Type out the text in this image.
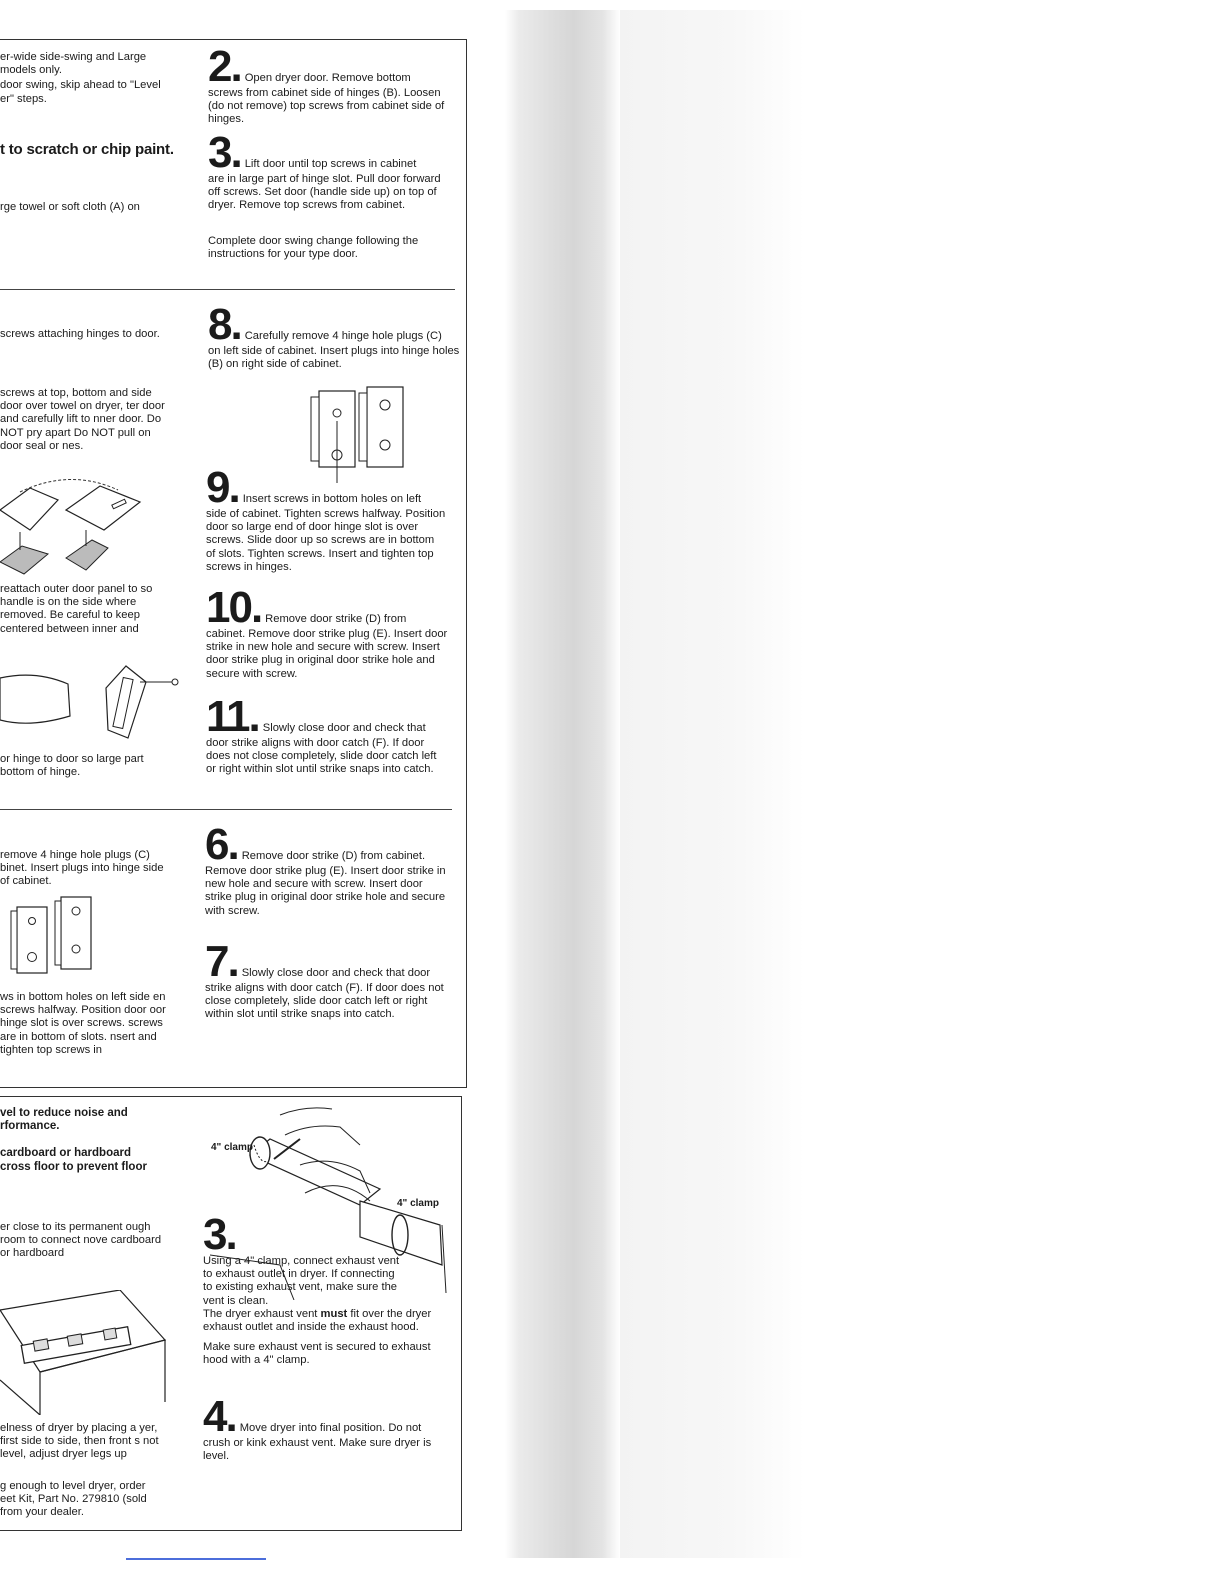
er-wide side-swing and Large
models only.
door swing, skip ahead to "Level
er" steps.
t to scratch or chip paint.
rge towel or soft cloth (A) on
2. Open dryer door. Remove bottom
screws from cabinet side of hinges (B). Loosen (do not remove) top screws from cabinet side of hinges.
3. Lift door until top screws in cabinet
are in large part of hinge slot. Pull door forward off screws. Set door (handle side up) on top of dryer. Remove top screws from cabinet.
Complete door swing change following the instructions for your type door.
screws attaching hinges to door.
screws at top, bottom and side door over towel on dryer, ter door and carefully lift to nner door. Do NOT pry apart Do NOT pull on door seal or nes.
reattach outer door panel to so handle is on the side where removed. Be careful to keep centered between inner and
or hinge to door so large part bottom of hinge.
8. Carefully remove 4 hinge hole plugs (C)
on left side of cabinet. Insert plugs into hinge holes (B) on right side of cabinet.
9. Insert screws in bottom holes on left
side of cabinet. Tighten screws halfway. Position door so large end of door hinge slot is over screws. Slide door up so screws are in bottom of slots. Tighten screws. Insert and tighten top screws in hinges.
10. Remove door strike (D) from
cabinet. Remove door strike plug (E). Insert door strike in new hole and secure with screw. Insert door strike plug in original door strike hole and secure with screw.
11. Slowly close door and check that
door strike aligns with door catch (F). If door does not close completely, slide door catch left or right within slot until strike snaps into catch.
remove 4 hinge hole plugs (C) binet. Insert plugs into hinge side of cabinet.
ws in bottom holes on left side en screws halfway. Position door oor hinge slot is over screws. screws are in bottom of slots. nsert and tighten top screws in
6. Remove door strike (D) from cabinet.
Remove door strike plug (E). Insert door strike in new hole and secure with screw. Insert door strike plug in original door strike hole and secure with screw.
7. Slowly close door and check that door
strike aligns with door catch (F). If door does not close completely, slide door catch left or right within slot until strike snaps into catch.
vel to reduce noise and
rformance.
cardboard or hardboard
cross floor to prevent floor
er close to its permanent ough room to connect nove cardboard or hardboard
elness of dryer by placing a yer, first side to side, then front s not level, adjust dryer legs up
g enough to level dryer, order eet Kit, Part No. 279810 (sold from your dealer.
4" clamp
4" clamp
3.
Using a 4" clamp, connect exhaust vent to exhaust outlet in dryer. If connecting to existing exhaust vent, make sure the vent is clean.
The dryer exhaust vent must fit over the dryer exhaust outlet and inside the exhaust hood.
Make sure exhaust vent is secured to exhaust hood with a 4" clamp.
4. Move dryer into final position. Do not
crush or kink exhaust vent. Make sure dryer is level.
